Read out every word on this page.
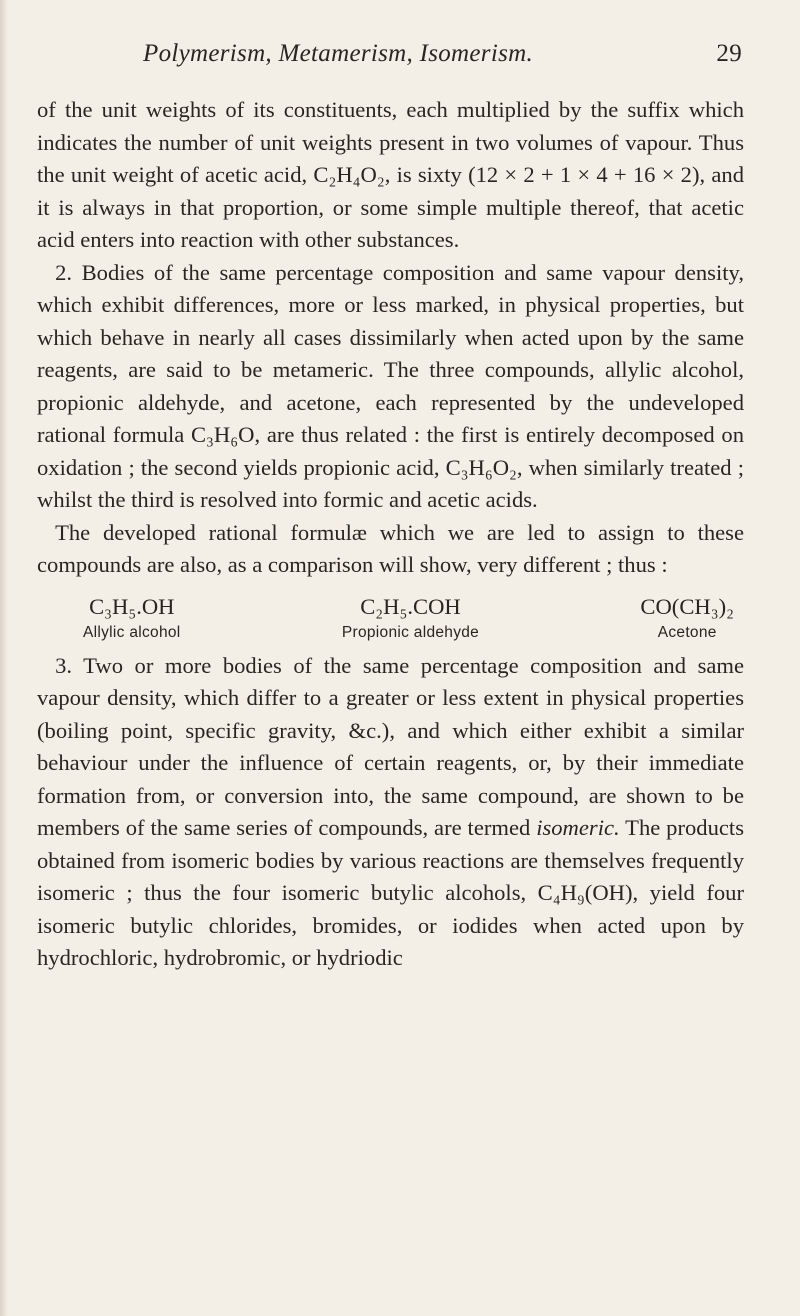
Polymerism, Metamerism, Isomerism.	29

of the unit weights of its constituents, each multiplied by the suffix which indicates the number of unit weights present in two volumes of vapour. Thus the unit weight of acetic acid, C₂H₄O₂, is sixty (12 × 2 + 1 × 4 + 16 × 2), and it is always in that proportion, or some simple multiple thereof, that acetic acid enters into reaction with other substances.

2. Bodies of the same percentage composition and same vapour density, which exhibit differences, more or less marked, in physical properties, but which behave in nearly all cases dissimilarly when acted upon by the same reagents, are said to be metameric. The three compounds, allylic alcohol, propionic aldehyde, and acetone, each represented by the undeveloped rational formula C₃H₆O, are thus related : the first is entirely decomposed on oxidation ; the second yields propionic acid, C₃H₆O₂, when similarly treated ; whilst the third is resolved into formic and acetic acids.

The developed rational formulæ which we are led to assign to these compounds are also, as a comparison will show, very different ; thus :

C₃H₅.OH
Allylic alcohol
C₂H₅.COH
Propionic aldehyde
CO(CH₃)₂
Acetone

3. Two or more bodies of the same percentage composition and same vapour density, which differ to a greater or less extent in physical properties (boiling point, specific gravity, &c.), and which either exhibit a similar behaviour under the influence of certain reagents, or, by their immediate formation from, or conversion into, the same compound, are shown to be members of the same series of compounds, are termed isomeric. The products obtained from isomeric bodies by various reactions are themselves frequently isomeric ; thus the four isomeric butylic alcohols, C₄H₉(OH), yield four isomeric butylic chlorides, bromides, or iodides when acted upon by hydrochloric, hydrobromic, or hydriodic
